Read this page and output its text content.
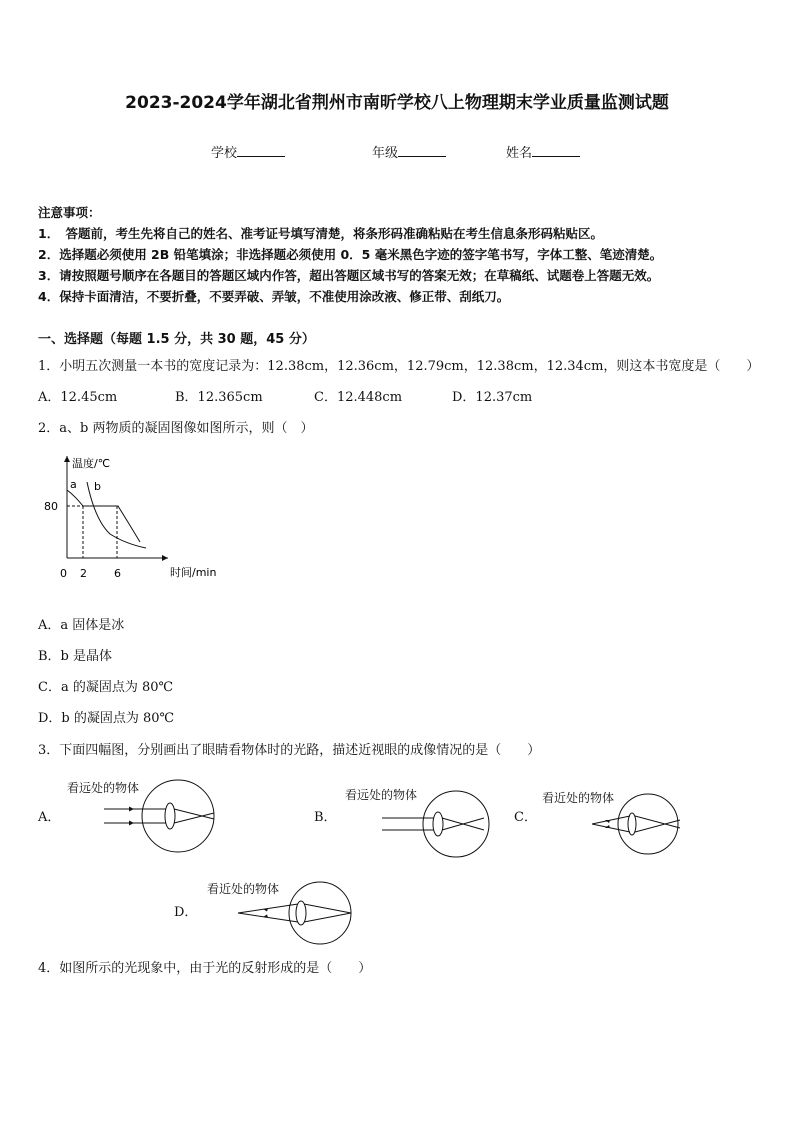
2023-2024学年湖北省荆州市南昕学校八上物理期末学业质量监测试题
学校	年级	姓名
注意事项：
1．　答题前，考生先将自己的姓名、准考证号填写清楚，将条形码准确粘贴在考生信息条形码粘贴区。
2．选择题必须使用 2B 铅笔填涂；非选择题必须使用 0．5 毫米黑色字迹的签字笔书写，字体工整、笔迹清楚。
3．请按照题号顺序在各题目的答题区域内作答，超出答题区域书写的答案无效；在草稿纸、试题卷上答题无效。
4．保持卡面清洁，不要折叠，不要弄破、弄皱，不准使用涂改液、修正带、刮纸刀。
一、选择题（每题 1.5 分，共 30 题，45 分）
1．小明五次测量一本书的宽度记录为：12.38cm，12.36cm，12.79cm，12.38cm，12.34cm，则这本书宽度是（　　）
A．12.45cm	B．12.365cm	C．12.448cm	D．12.37cm
2．a、b 两物质的凝固图像如图所示，则（　）
温度/℃
时间/min
80
0 2 6
a b
A．a 固体是冰
B．b 是晶体
C．a 的凝固点为 80℃
D．b 的凝固点为 80℃
3．下面四幅图，分别画出了眼睛看物体时的光路，描述近视眼的成像情况的是（　　）
A．
看远处的物体
B．
看远处的物体
C．
看近处的物体
D．
看近处的物体
4．如图所示的光现象中，由于光的反射形成的是（　　）
